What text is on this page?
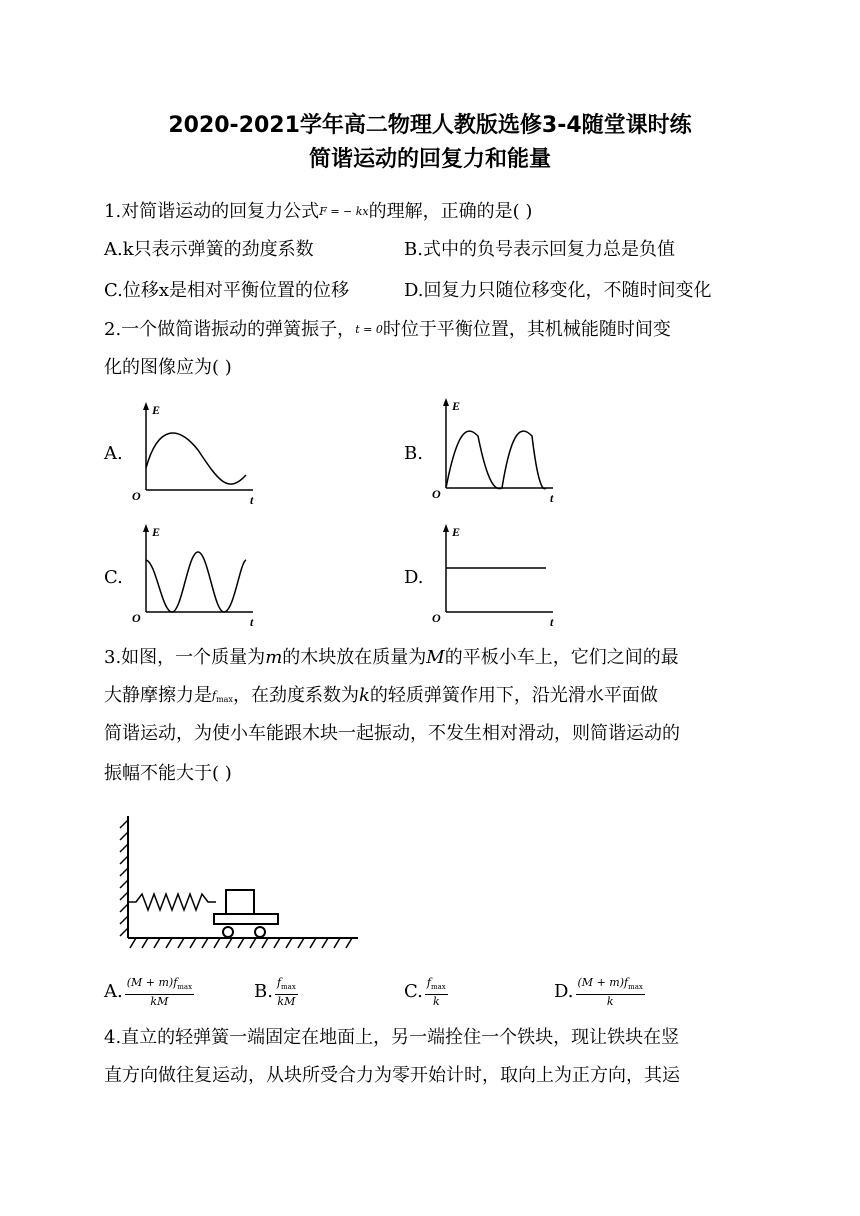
2020-2021学年高二物理人教版选修3-4随堂课时练
简谐运动的回复力和能量
1.对简谐运动的回复力公式F = − kx的理解，正确的是( )
A.k只表示弹簧的劲度系数	B.式中的负号表示回复力总是负值
C.位移x是相对平衡位置的位移	D.回复力只随位移变化，不随时间变化
2.一个做简谐振动的弹簧振子，t = 0时位于平衡位置，其机械能随时间变
化的图像应为( )
A.	B.
C.	D.
E
O	t
E
O	t
E
O	t
E
O	t
3.如图，一个质量为m的木块放在质量为M的平板小车上，它们之间的最
大静摩擦力是$f_{max}$，在劲度系数为k的轻质弹簧作用下，沿光滑水平面做
简谐运动，为使小车能跟木块一起振动，不发生相对滑动，则简谐运动的
振幅不能大于( )
A. $\frac{(M + m)f_{max}}{kM}$	B. $\frac{f_{max}}{kM}$	C. $\frac{f_{max}}{k}$	D. $\frac{(M + m)f_{max}}{k}$
4.直立的轻弹簧一端固定在地面上，另一端拴住一个铁块，现让铁块在竖
直方向做往复运动，从块所受合力为零开始计时，取向上为正方向，其运
